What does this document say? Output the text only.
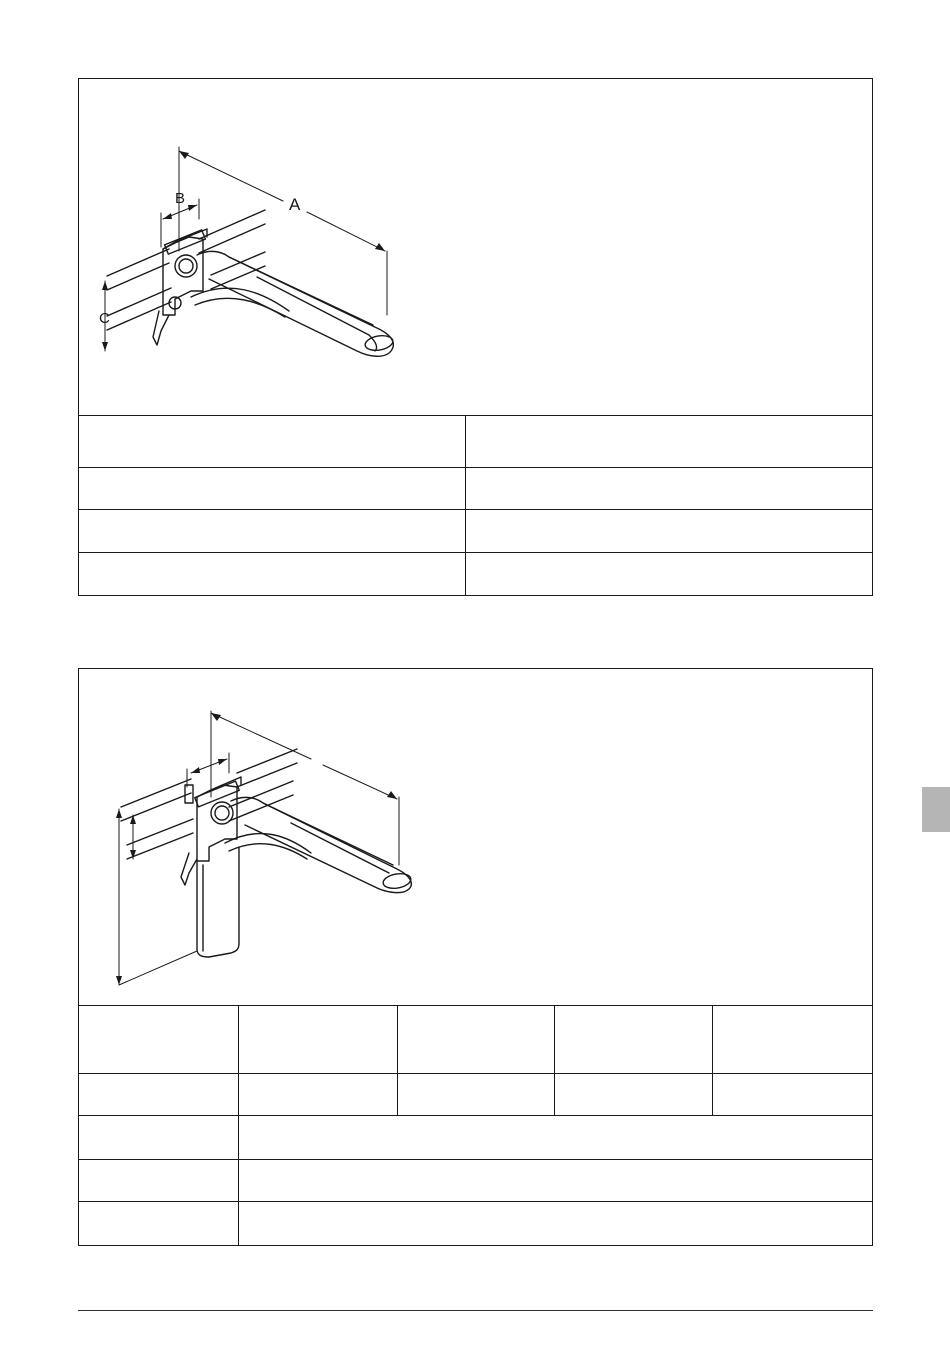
A
B
C
